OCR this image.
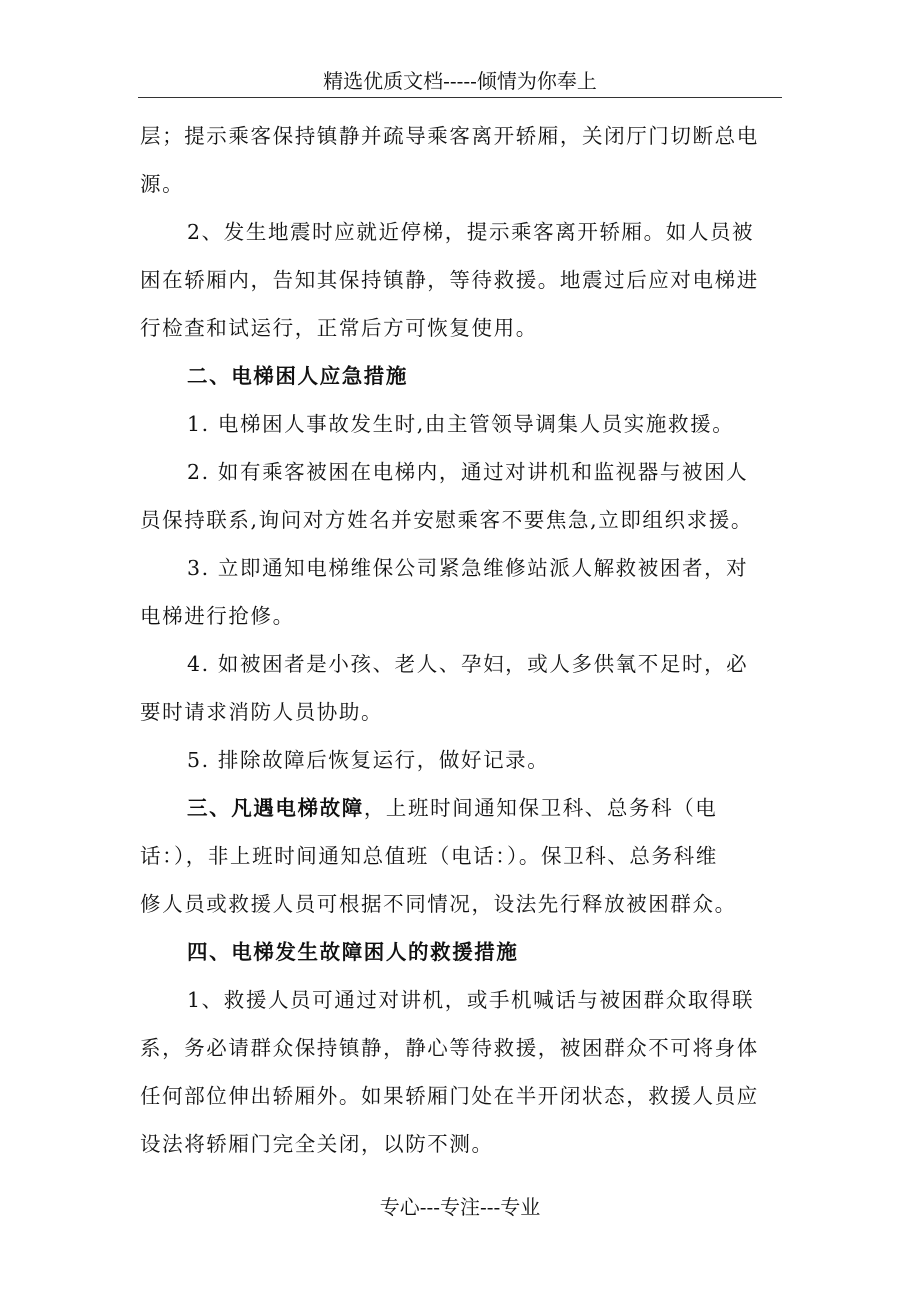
精选优质文档-----倾情为你奉上
层；提示乘客保持镇静并疏导乘客离开轿厢，关闭厅门切断总电
源。
2、发生地震时应就近停梯，提示乘客离开轿厢。如人员被
困在轿厢内，告知其保持镇静，等待救援。地震过后应对电梯进
行检查和试运行，正常后方可恢复使用。
二、电梯困人应急措施
1. 电梯困人事故发生时,由主管领导调集人员实施救援。
2. 如有乘客被困在电梯内，通过对讲机和监视器与被困人
员保持联系,询问对方姓名并安慰乘客不要焦急,立即组织求援。
3. 立即通知电梯维保公司紧急维修站派人解救被困者，对
电梯进行抢修。
4. 如被困者是小孩、老人、孕妇，或人多供氧不足时，必
要时请求消防人员协助。
5. 排除故障后恢复运行，做好记录。
三、凡遇电梯故障，上班时间通知保卫科、总务科（电
话：），非上班时间通知总值班（电话：）。保卫科、总务科维
修人员或救援人员可根据不同情况，设法先行释放被困群众。
四、电梯发生故障困人的救援措施
1、救援人员可通过对讲机，或手机喊话与被困群众取得联
系，务必请群众保持镇静，静心等待救援，被困群众不可将身体
任何部位伸出轿厢外。如果轿厢门处在半开闭状态，救援人员应
设法将轿厢门完全关闭，以防不测。
专心---专注---专业
